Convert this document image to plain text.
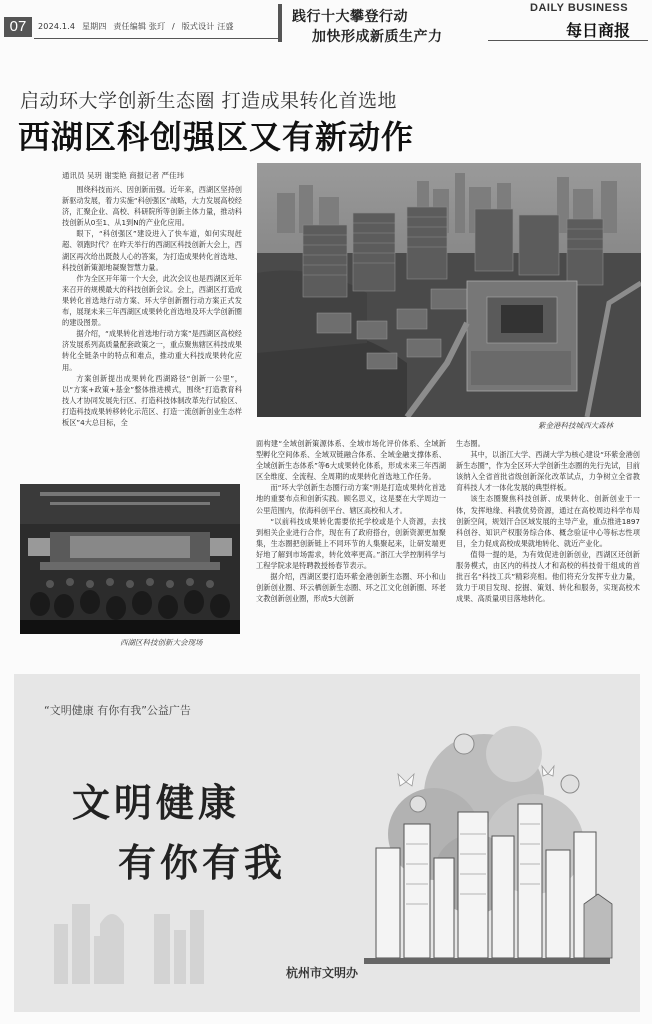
07	2024.1.4 星期四 责任编辑 张玎 / 版式设计 汪盛
践行十大攀登行动
加快形成新质生产力
DAILY BUSINESS
每日商报
启动环大学创新生态圈 打造成果转化首选地
西湖区科创强区又有新动作
通讯员 吴玥 谢雯艳 商报记者 严佳玮

围绕科技而兴、因创新而强。近年来，西湖区坚持创新驱动发展，着力实施“科创强区”战略，大力发展高校经济，汇聚企业、高校、科研院所等创新主体力量，推动科技创新从0至1、从1到N的产业化应用。

眼下，“科创强区”建设进入了快车道，如何实现赶超、领跑时代？在昨天举行的西湖区科技创新大会上，西湖区再次给出既鼓人心的答案，为打造成果转化首选地、科技创新策源地凝聚智慧力量。

作为全区开年第一个大会，此次会议也是西湖区近年来召开的规模最大的科技创新会议。会上，西湖区打造成果转化首选地行动方案、环大学创新圈行动方案正式发布，展现未来三年西湖区成果转化首选地及环大学创新圈的建设图景。

据介绍，“成果转化首选地行动方案”是西湖区高校经济发展系列高质量配套政策之一，重点聚焦辖区科技成果转化全链条中的特点和难点，推动重大科技成果转化应用。

方案创新提出成果转化西湖路径“创新一公里”，以“方案+政策+基金”整体推进模式，围绕“打造教育科技人才协同发展先行区、打造科技体制改革先行试验区、打造科技成果转移转化示范区、打造一流创新创业生态样板区”4大总目标，全	紫金港科技城西大森林
西湖区科技创新大会现场

面构建“全域创新策源体系、全域市场化评价体系、全域新型孵化空间体系、全域双链融合体系、全域金融支撑体系、全域创新生态体系”等6大成果转化体系，形成未来三年西湖区全维度、全流程、全周期的成果转化首选地工作任务。

而“环大学创新生态圈行动方案”则是打造成果转化首选地的重要布点和创新实践。顾名思义，这是要在大学周边一公里范围内，依海科创平台、辖区高校和人才。

“以前科技成果转化需要依托学校或是个人资源，去找到相关企业进行合作，现在有了政府搭台，创新资源更加聚集，生态圈把创新链上不同环节的人集聚起来，让研发端更好地了解到市场需求，转化效率更高。”浙江大学控制科学与工程学院求是特聘教授杨春节表示。

据介绍，西湖区要打造环紫金港创新生态圈、环小和山创新创业圈、环云栖创新生态圈、环之江文化创新圈、环老文教创新创业圈，形成5大创新

生态圈。

其中，以浙江大学、西湖大学为核心建设“环紫金港创新生态圈”，作为全区环大学创新生态圈的先行先试，目前该纳入全省首批省级创新深化改革试点，力争树立全省教育科技人才一体化发展的典型样板。

该生态圈聚焦科技创新、成果转化、创新创业于一体，发挥地缘、科教优势资源，通过在高校周边科学布局创新空间，规划汗合区域发展的主导产业，重点推进1897科创谷、知识产权服务综合体、概念验证中心等标志性项目，全力促成高校成果就地转化、就近产业化。

值得一提的是，为有效促进创新创业，西湖区还创新服务模式，由区内的科技人才和高校的科技骨干组成的首批百名“科技工兵”精彩亮相。他们将充分发挥专业力量，致力于项目发现、挖掘、策划、转化和服务，实现高校术成果、高质量项目落地转化。

“文明健康 有你有我”公益广告
文明健康
有你有我
杭州市文明办
